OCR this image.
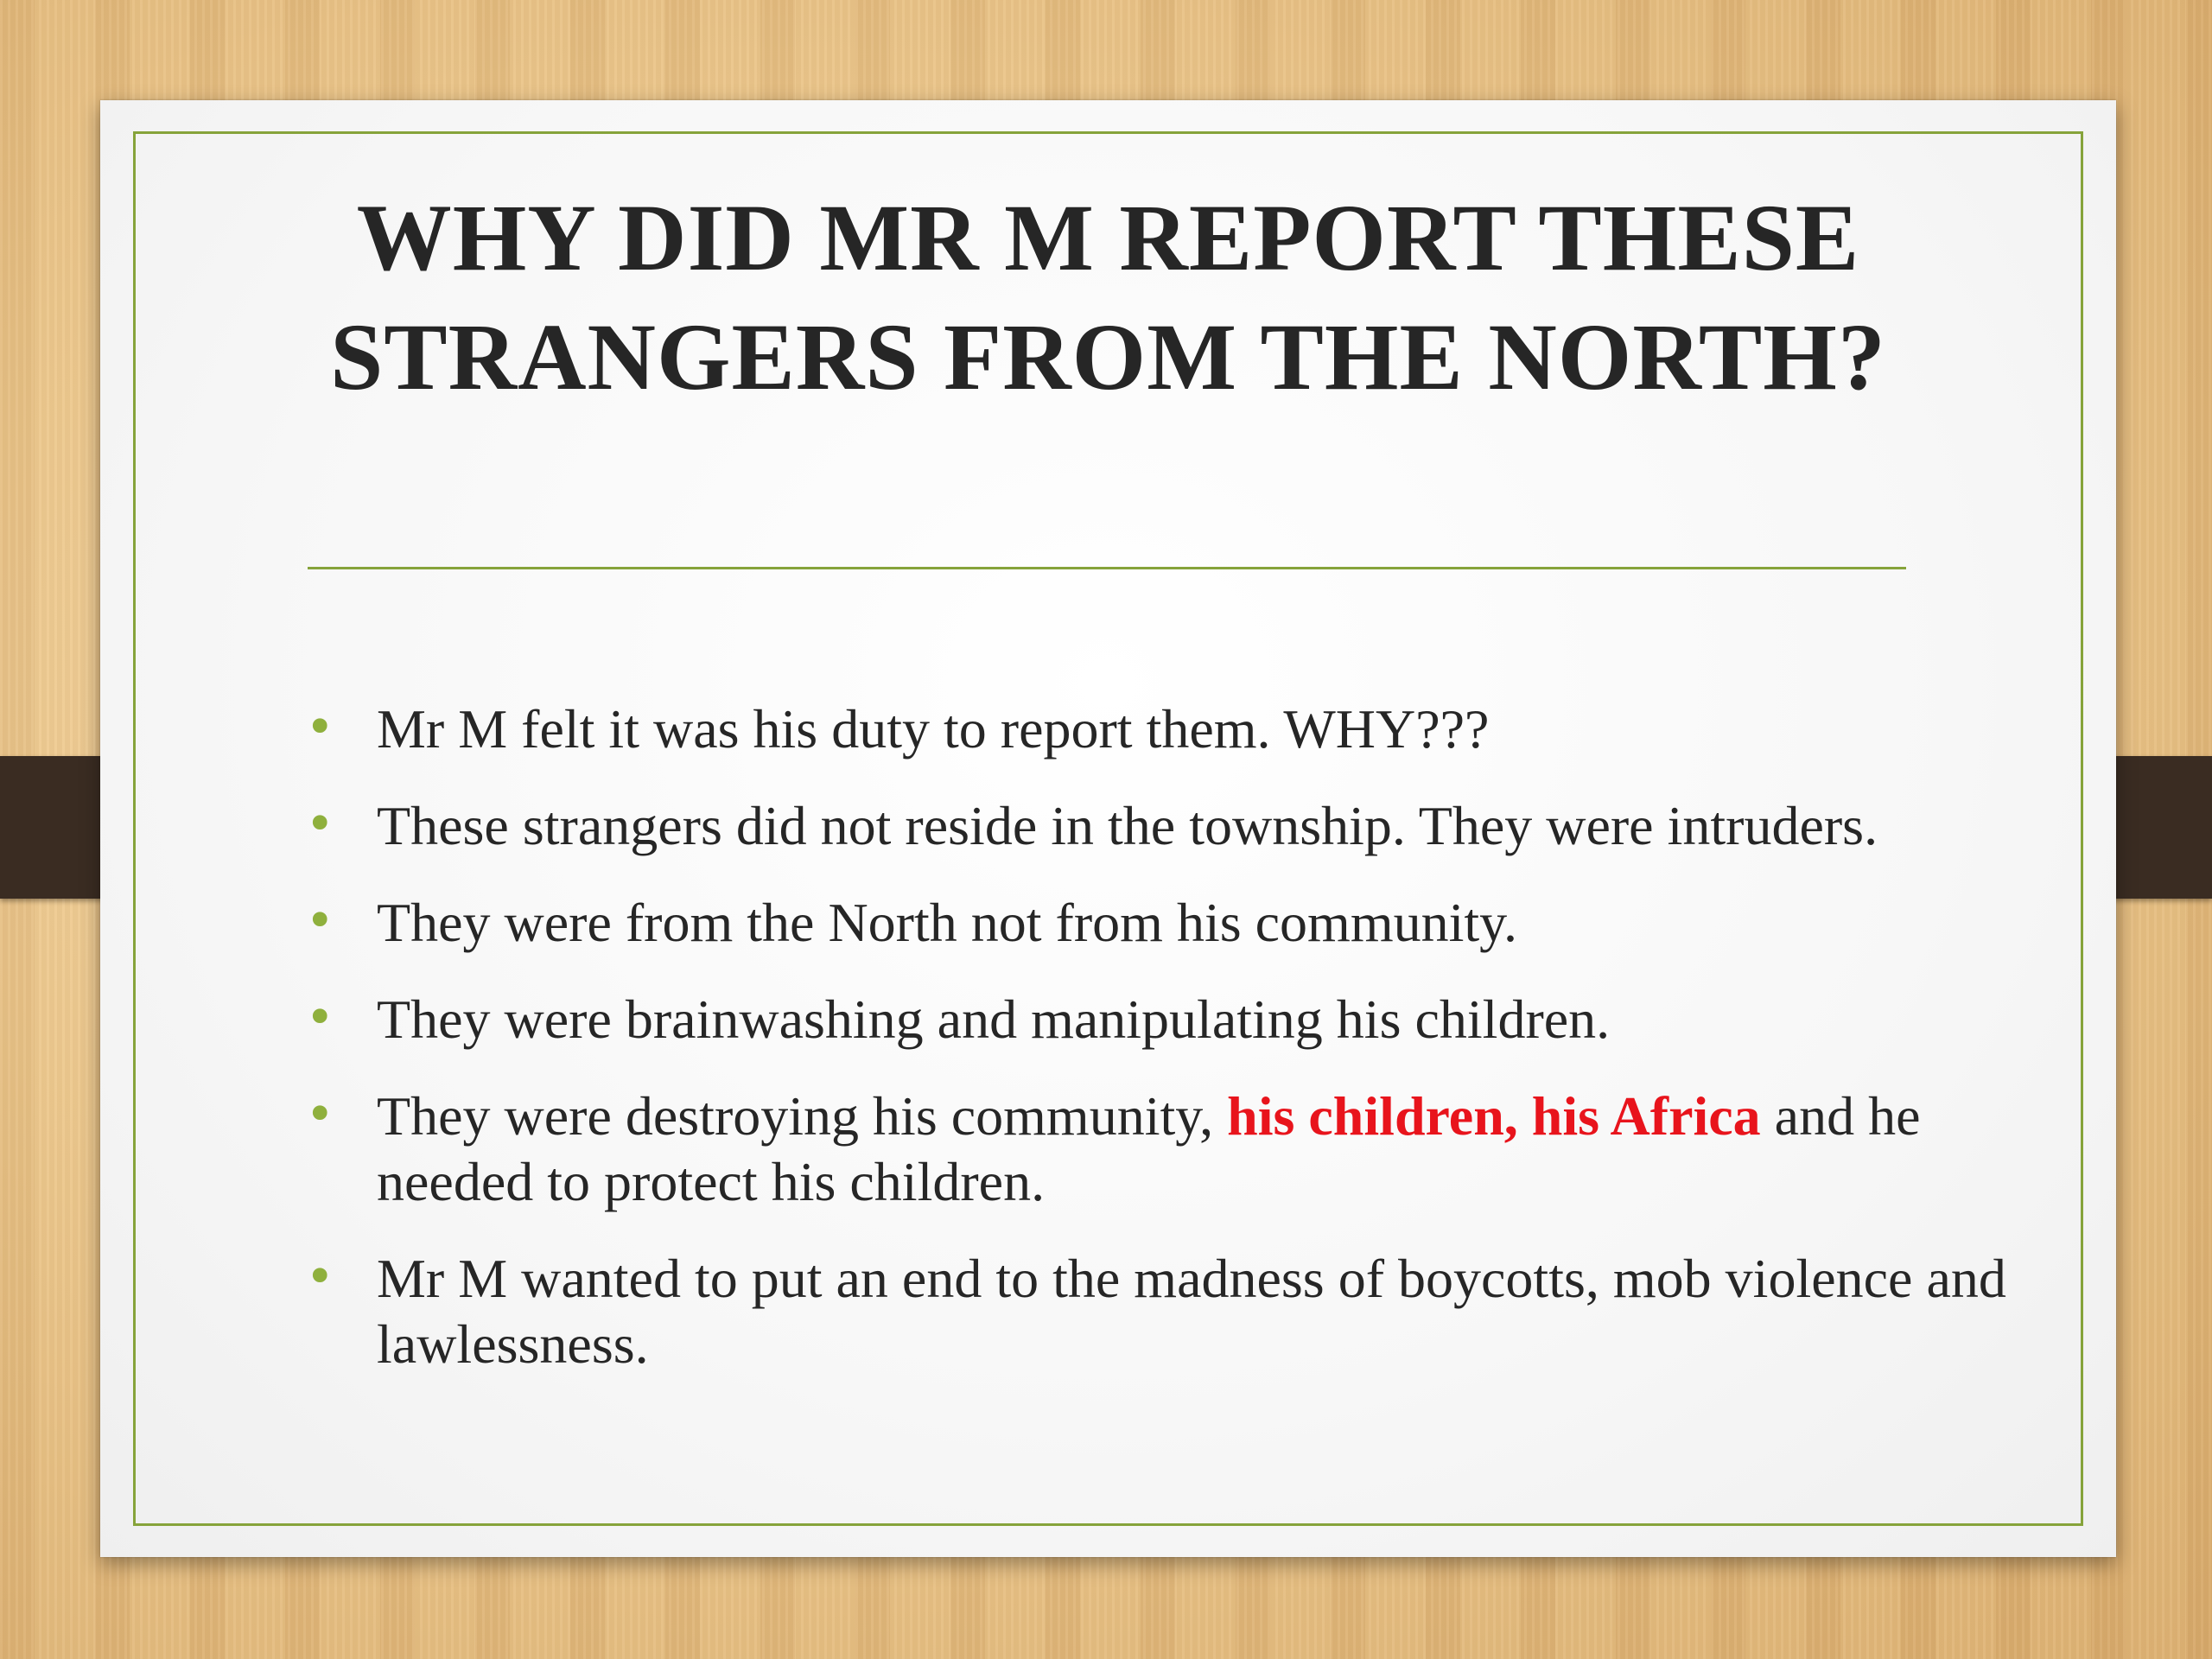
WHY DID MR M REPORT THESE STRANGERS FROM THE NORTH?
• Mr M felt it was his duty to report them. WHY???
• These strangers did not reside in the township. They were intruders.
• They were from the North not from his community.
• They were brainwashing and manipulating his children.
• They were destroying his community, his children, his Africa and he needed to protect his children.
• Mr M wanted to put an end to the madness of boycotts, mob violence and lawlessness.
